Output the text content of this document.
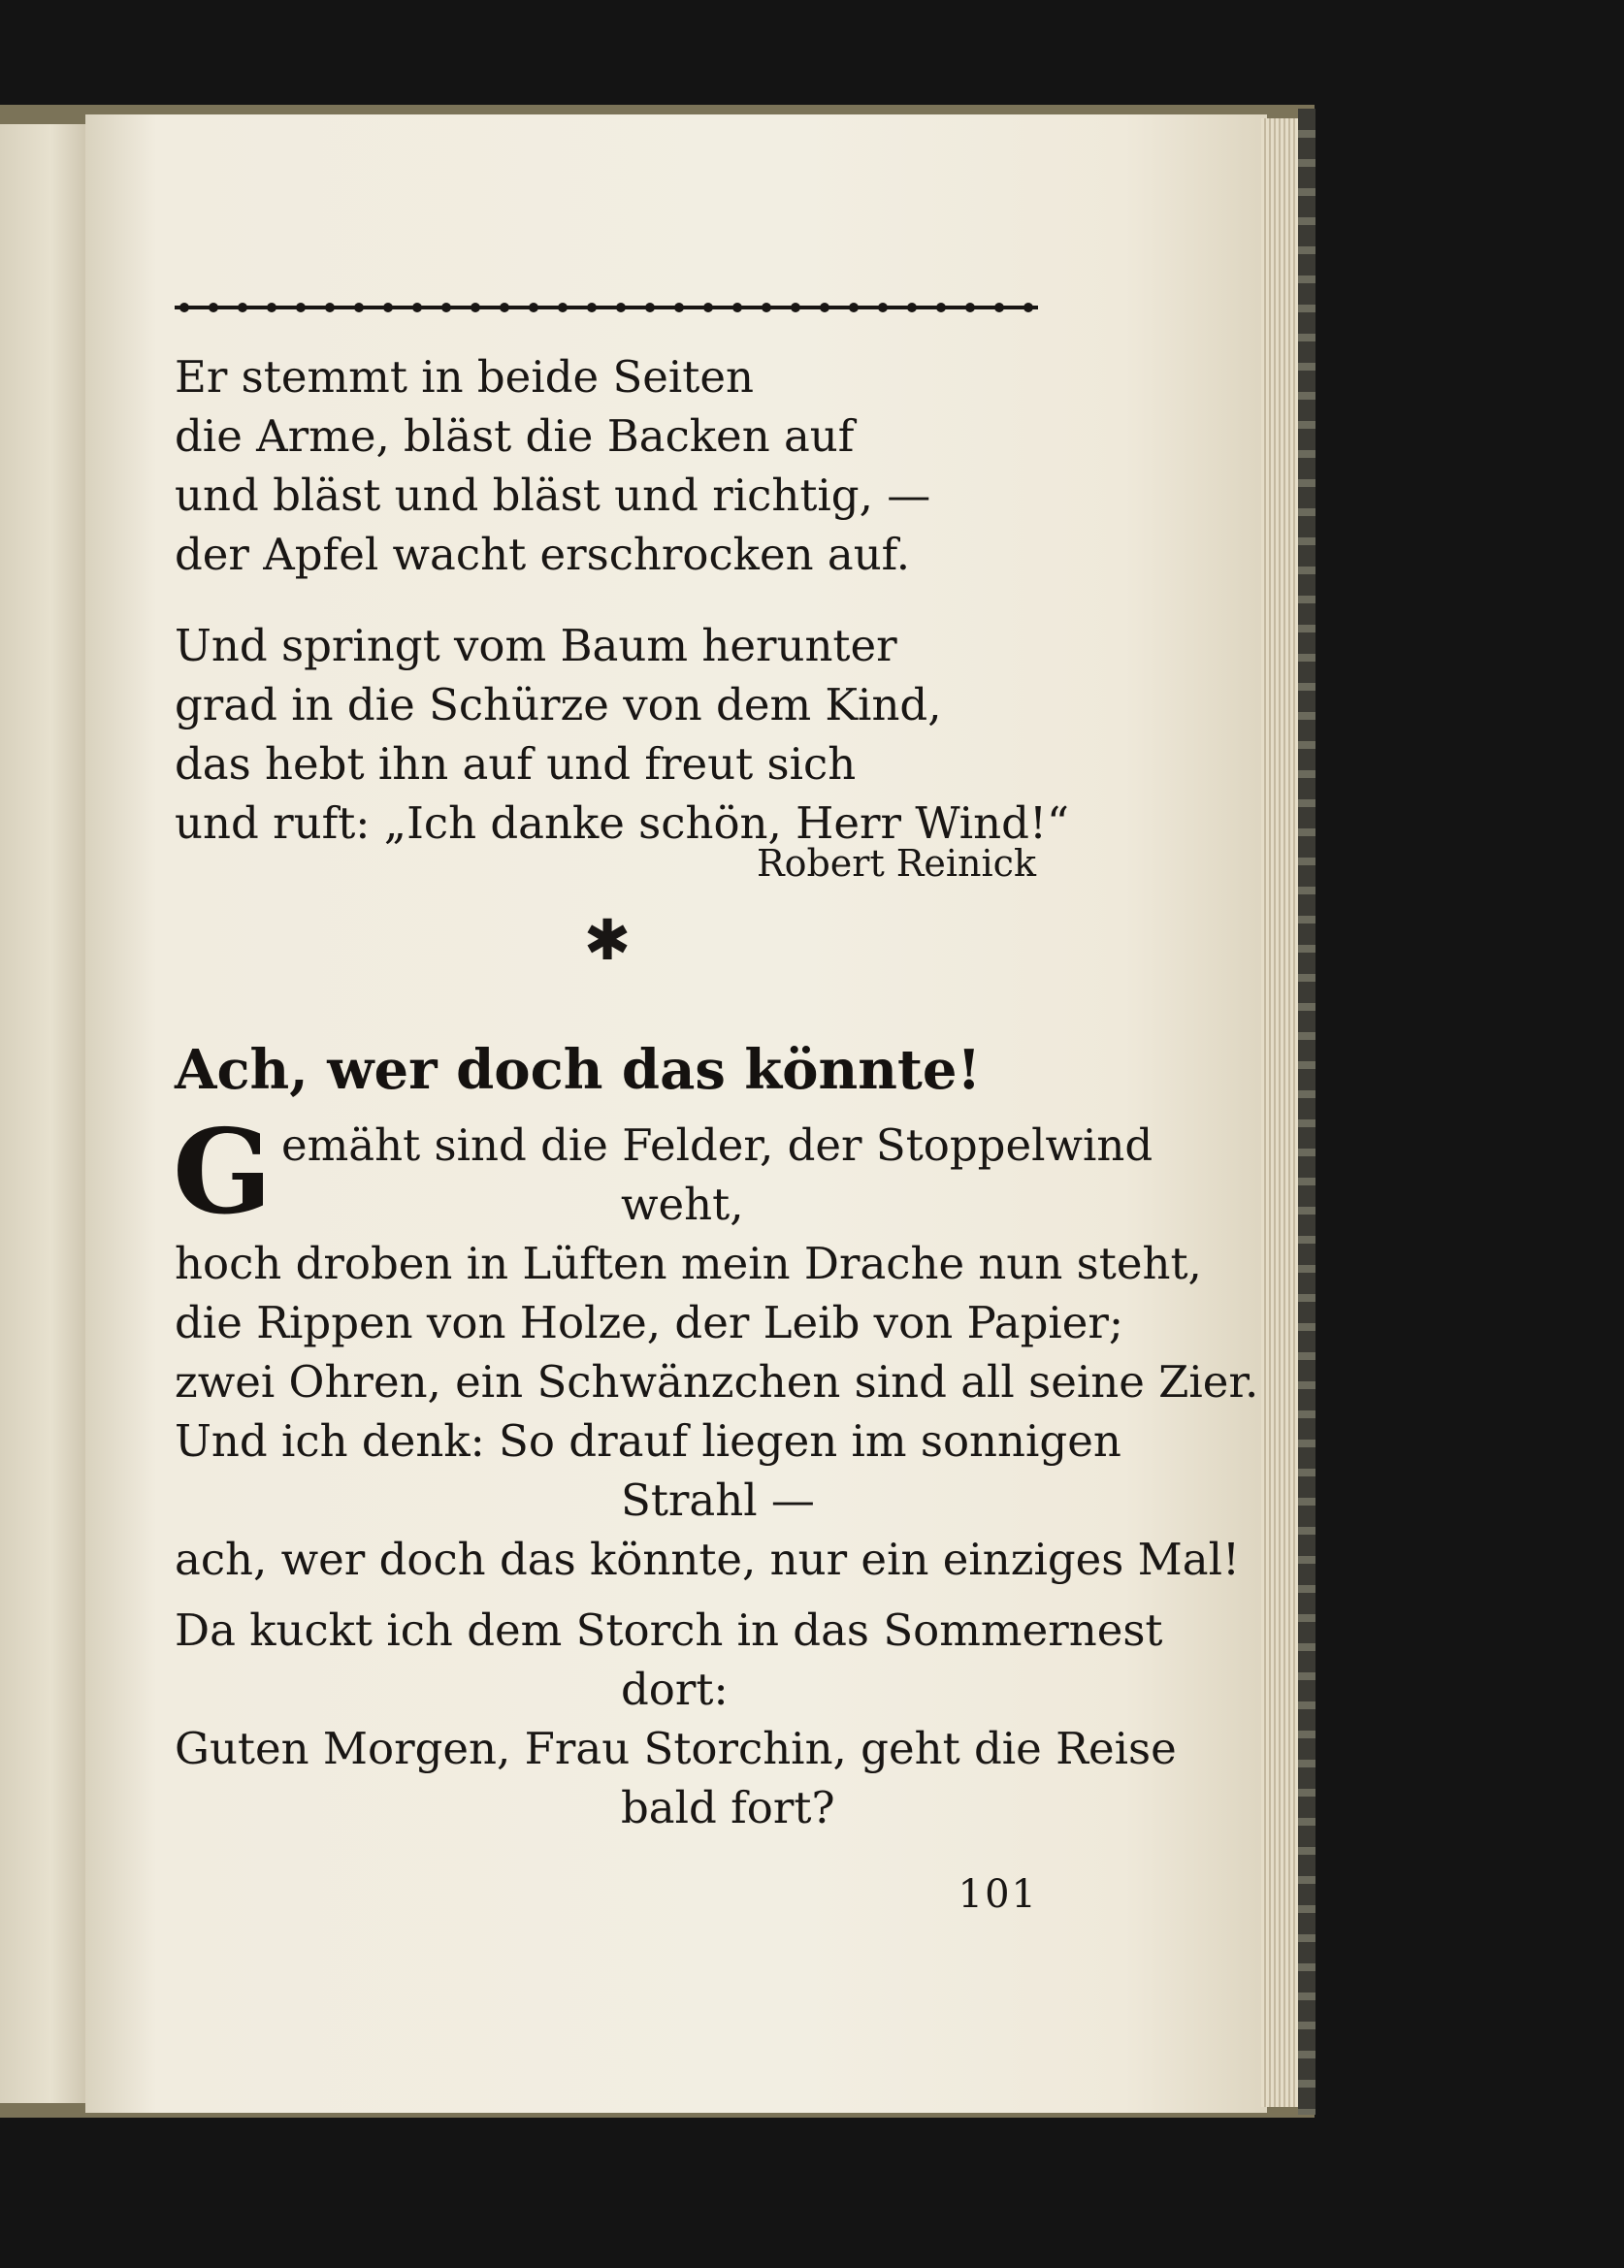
Er stemmt in beide Seiten
die Arme, bläst die Backen auf
und bläst und bläst und richtig, —
der Apfel wacht erschrocken auf.
Und springt vom Baum herunter
grad in die Schürze von dem Kind,
das hebt ihn auf und freut sich
und ruft: „Ich danke schön, Herr Wind!“
Robert Reinick
✱
Ach, wer doch das könnte!
G emäht sind die Felder, der Stoppelwind
weht,
hoch droben in Lüften mein Drache nun steht,
die Rippen von Holze, der Leib von Papier;
zwei Ohren, ein Schwänzchen sind all seine Zier.
Und ich denk: So drauf liegen im sonnigen
Strahl —
ach, wer doch das könnte, nur ein einziges Mal!
Da kuckt ich dem Storch in das Sommernest
dort:
Guten Morgen, Frau Storchin, geht die Reise
bald fort?
101
